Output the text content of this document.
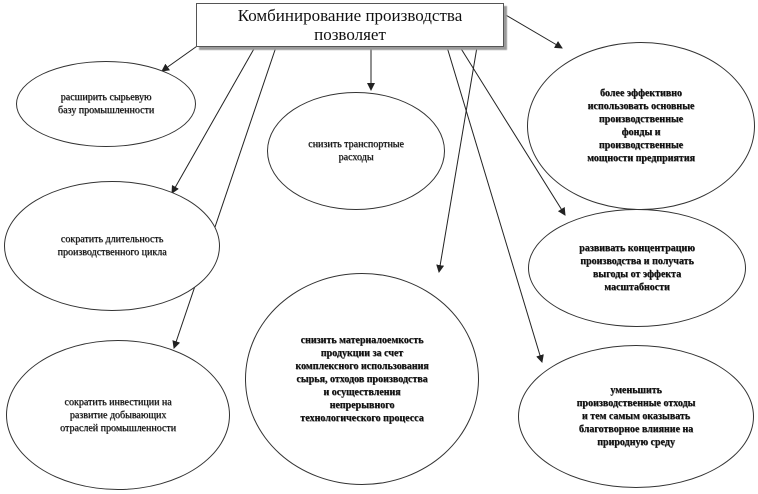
Комбинирование производства
позволяет
расширить сырьевую
базу промышленности
сократить длительность
производственного цикла
сократить инвестиции на
развитие добывающих
отраслей промышленности
снизить транспортные
расходы
снизить материалоемкость
продукции за счет
комплексного использования
сырья, отходов производства
и осуществления
непрерывного
технологического процесса
более эффективно
использовать основные
производственные
фонды и
производственные
мощности предприятия
развивать концентрацию
производства и получать
выгоды от эффекта
масштабности
уменьшить
производственные отходы
и тем самым оказывать
благотворное влияние на
природную среду
